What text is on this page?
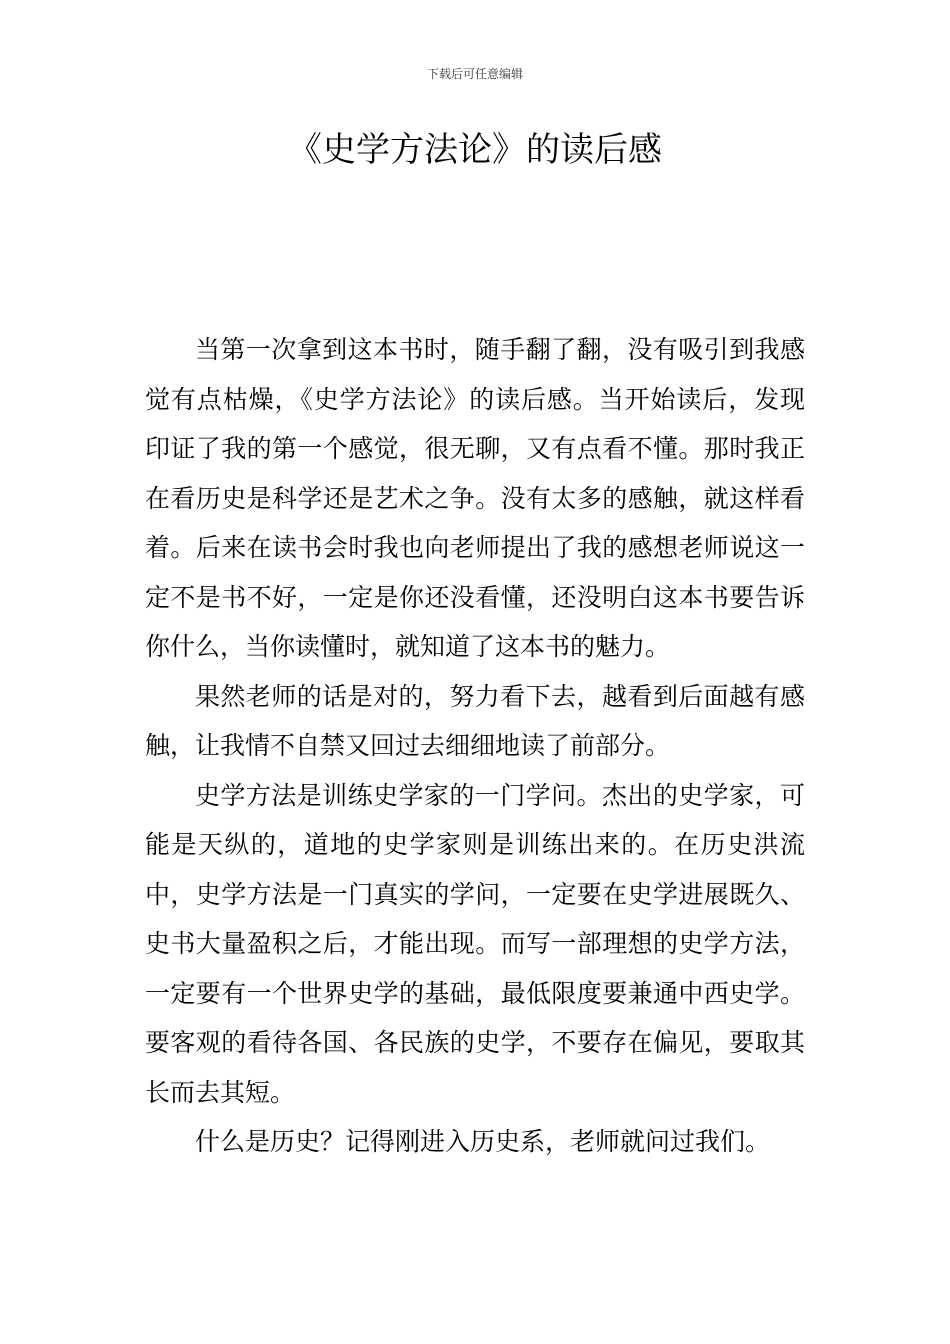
下载后可任意编辑
《史学方法论》的读后感

当第一次拿到这本书时，随手翻了翻，没有吸引到我感觉有点枯燥，《史学方法论》的读后感。当开始读后，发现印证了我的第一个感觉，很无聊，又有点看不懂。那时我正在看历史是科学还是艺术之争。没有太多的感触，就这样看着。后来在读书会时我也向老师提出了我的感想老师说这一定不是书不好，一定是你还没看懂，还没明白这本书要告诉你什么，当你读懂时，就知道了这本书的魅力。

果然老师的话是对的，努力看下去，越看到后面越有感触，让我情不自禁又回过去细细地读了前部分。

史学方法是训练史学家的一门学问。杰出的史学家，可能是天纵的，道地的史学家则是训练出来的。在历史洪流中，史学方法是一门真实的学问，一定要在史学进展既久、史书大量盈积之后，才能出现。而写一部理想的史学方法，一定要有一个世界史学的基础，最低限度要兼通中西史学。要客观的看待各国、各民族的史学，不要存在偏见，要取其长而去其短。

什么是历史？记得刚进入历史系，老师就问过我们。
